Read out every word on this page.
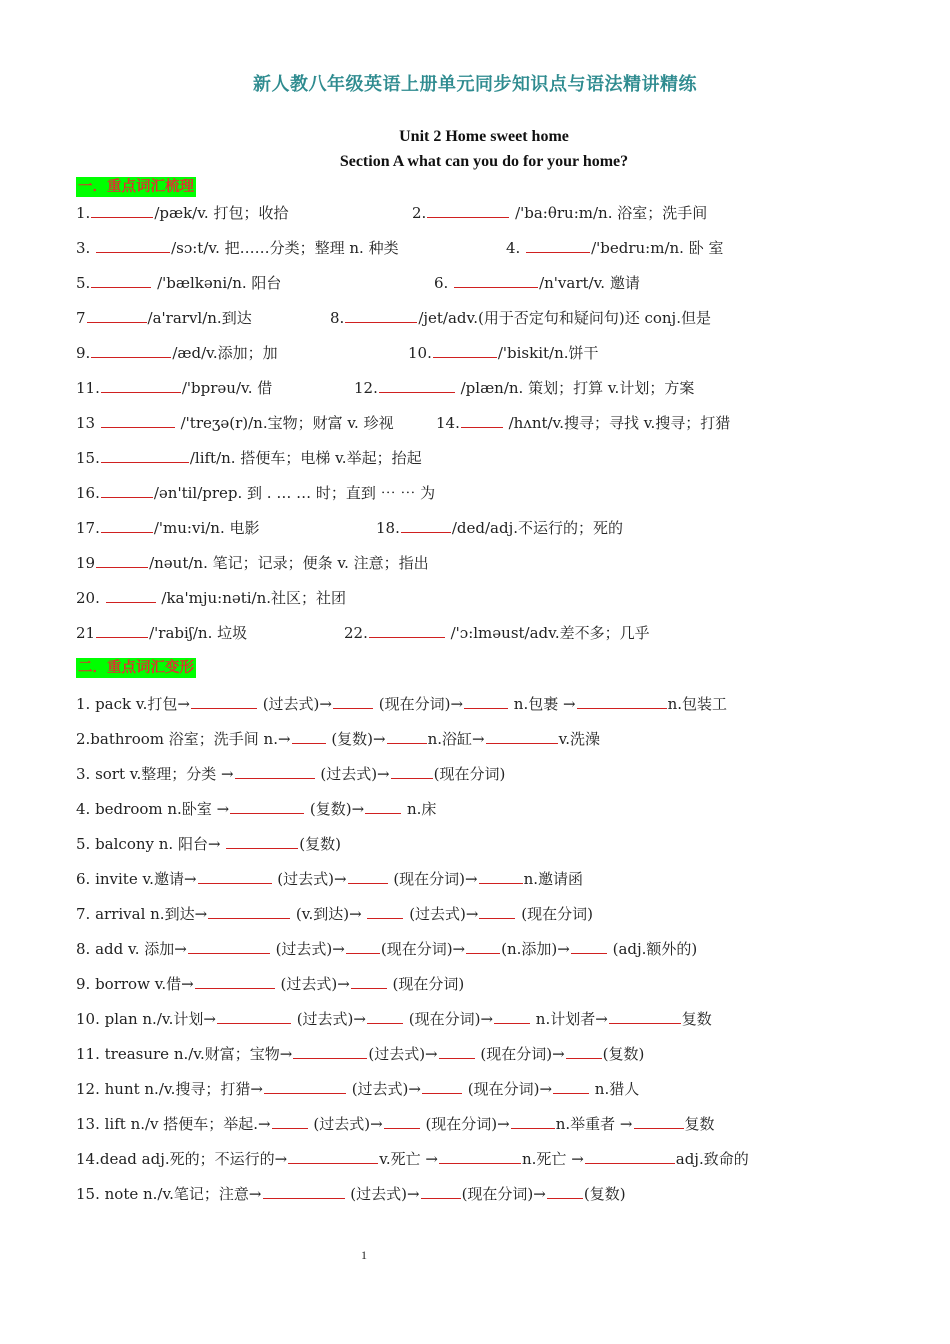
新人教八年级英语上册单元同步知识点与语法精讲精练
Unit 2 Home sweet home
Section A what can you do for your home?
一．重点词汇梳理
1.	/pæk/v. 打包；收拾	2.	/'ba:θru:m/n. 浴室；洗手间
3.	/sɔ:t/v. 把……分类；整理 n. 种类	4.	/'bedru:m/n. 卧 室
5.	/'bælkəni/n. 阳台	6.	/n'vart/v. 邀请
7	/a'rarvl/n.到达	8.	/jet/adv.(用于否定句和疑问句)还 conj.但是
9.	/æd/v.添加；加	10.	/'biskit/n.饼干
11.	/'bprəu/v. 借	12.	/plæn/n. 策划；打算 v.计划；方案
13	/'treʒə(r)/n.宝物；财富 v. 珍视	14.	/hʌnt/v.搜寻；寻找 v.搜寻；打猎
15.	/lift/n. 搭便车；电梯 v.举起；抬起
16.	/ən'til/prep. 到 . … … 时；直到 ⋯ ⋯ 为
17.	/'mu:vi/n. 电影	18.	/ded/adj.不运行的；死的
19	/nəut/n. 笔记；记录；便条 v. 注意；指出
20.	/ka'mju:nəti/n.社区；社团
21	/'rabiʃ/n. 垃圾	22.	/'ɔ:lməust/adv.差不多；几乎
二．重点词汇变形
1. pack v.打包→	(过去式)→	(现在分词)→	n.包裹 →	n.包装工
2.bathroom 浴室；洗手间 n.→ (复数)→	n.浴缸→	v.洗澡
3. sort v.整理；分类 →	(过去式)→	(现在分词)
4. bedroom n.卧室 →	(复数)→	n.床
5. balcony n. 阳台→	(复数)
6. invite v.邀请→	(过去式)→	(现在分词)→	n.邀请函
7. arrival n.到达→	(v.到达)→	(过去式)→	(现在分词)
8. add v. 添加→	(过去式)→ (现在分词)→ (n.添加)→	(adj.额外的)
9. borrow v.借→	(过去式)→	(现在分词)
10. plan n./v.计划→	(过去式)→	(现在分词)→	n.计划者→	复数
11. treasure n./v.财富；宝物→	(过去式)→	(现在分词)→	(复数)
12. hunt n./v.搜寻；打猎→	(过去式)→	(现在分词)→	n.猎人
13. lift n./v 搭便车；举起.→	(过去式)→	(现在分词)→	n.举重者 →	复数
14.dead adj.死的；不运行的→	v.死亡 →	n.死亡 →	adj.致命的
15. note n./v.笔记；注意→	(过去式)→	(现在分词)→	(复数)
1
